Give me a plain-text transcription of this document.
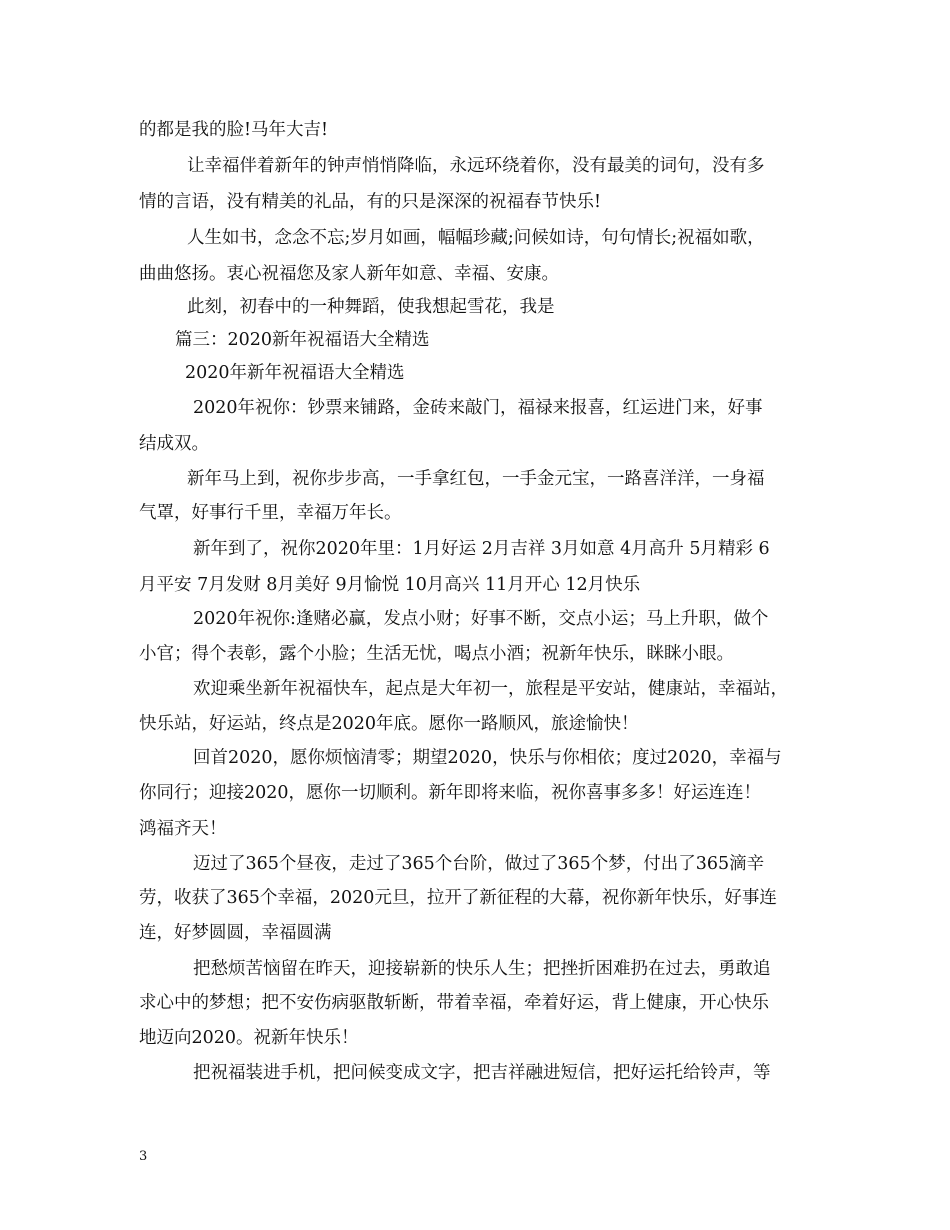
的都是我的脸!马年大吉!
让幸福伴着新年的钟声悄悄降临，永远环绕着你，没有最美的词句，没有多
情的言语，没有精美的礼品，有的只是深深的祝福春节快乐!
人生如书，念念不忘;岁月如画，幅幅珍藏;问候如诗，句句情长;祝福如歌，
曲曲悠扬。衷心祝福您及家人新年如意、幸福、安康。
此刻，初春中的一种舞蹈，使我想起雪花，我是
篇三：2020新年祝福语大全精选
2020年新年祝福语大全精选
2020年祝你：钞票来铺路，金砖来敲门，福禄来报喜，红运进门来，好事
结成双。
新年马上到，祝你步步高，一手拿红包，一手金元宝，一路喜洋洋，一身福
气罩，好事行千里，幸福万年长。
新年到了，祝你2020年里：1月好运 2月吉祥 3月如意 4月高升 5月精彩 6
月平安 7月发财 8月美好 9月愉悦 10月高兴 11月开心 12月快乐
2020年祝你:逢赌必赢，发点小财；好事不断，交点小运；马上升职，做个
小官；得个表彰，露个小脸；生活无忧，喝点小酒；祝新年快乐，眯眯小眼。
欢迎乘坐新年祝福快车，起点是大年初一，旅程是平安站，健康站，幸福站，
快乐站，好运站，终点是2020年底。愿你一路顺风，旅途愉快！
回首2020，愿你烦恼清零；期望2020，快乐与你相依；度过2020，幸福与
你同行；迎接2020，愿你一切顺利。新年即将来临，祝你喜事多多！好运连连！
鸿福齐天！
迈过了365个昼夜，走过了365个台阶，做过了365个梦，付出了365滴辛
劳，收获了365个幸福，2020元旦，拉开了新征程的大幕，祝你新年快乐，好事连
连，好梦圆圆，幸福圆满
把愁烦苦恼留在昨天，迎接崭新的快乐人生；把挫折困难扔在过去，勇敢追
求心中的梦想；把不安伤病驱散斩断，带着幸福，牵着好运，背上健康，开心快乐
地迈向2020。祝新年快乐！
把祝福装进手机，把问候变成文字，把吉祥融进短信，把好运托给铃声，等
3
